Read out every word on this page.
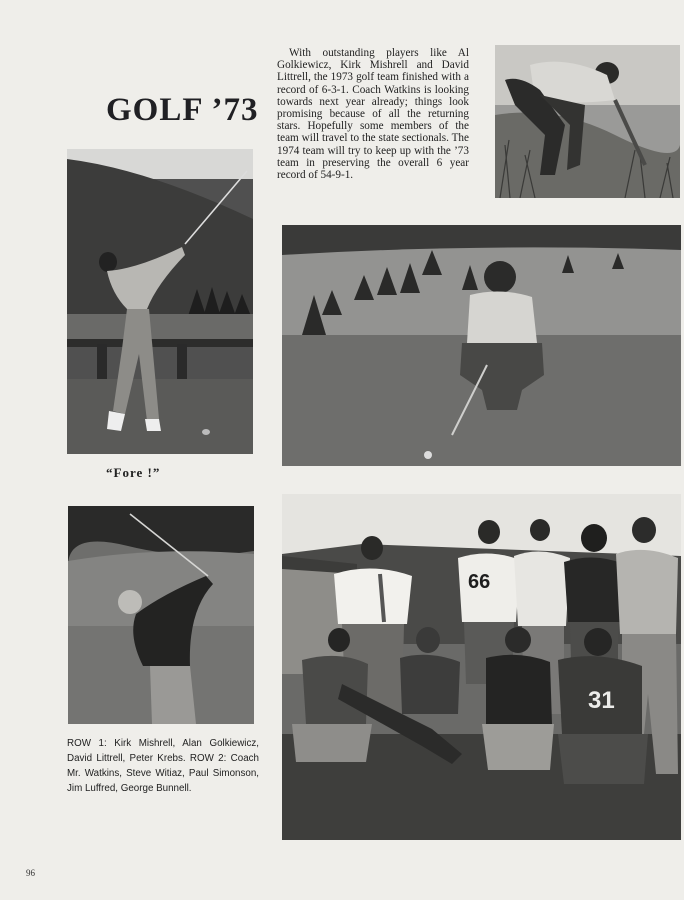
GOLF ’73
With outstanding players like Al Golkiewicz, Kirk Mishrell and David Littrell, the 1973 golf team finished with a record of 6-3-1. Coach Watkins is looking towards next year already; things look promising because of all the returning stars. Hopefully some members of the team will travel to the state sectionals. The 1974 team will try to keep up with the ’73 team in preserving the overall 6 year record of 54-9-1.
“Fore !”
ROW 1: Kirk Mishrell, Alan Golkiewicz, David Littrell, Peter Krebs. ROW 2: Coach Mr. Watkins, Steve Witiaz, Paul Simonson, Jim Luffred, George Bunnell.
66
31
96
